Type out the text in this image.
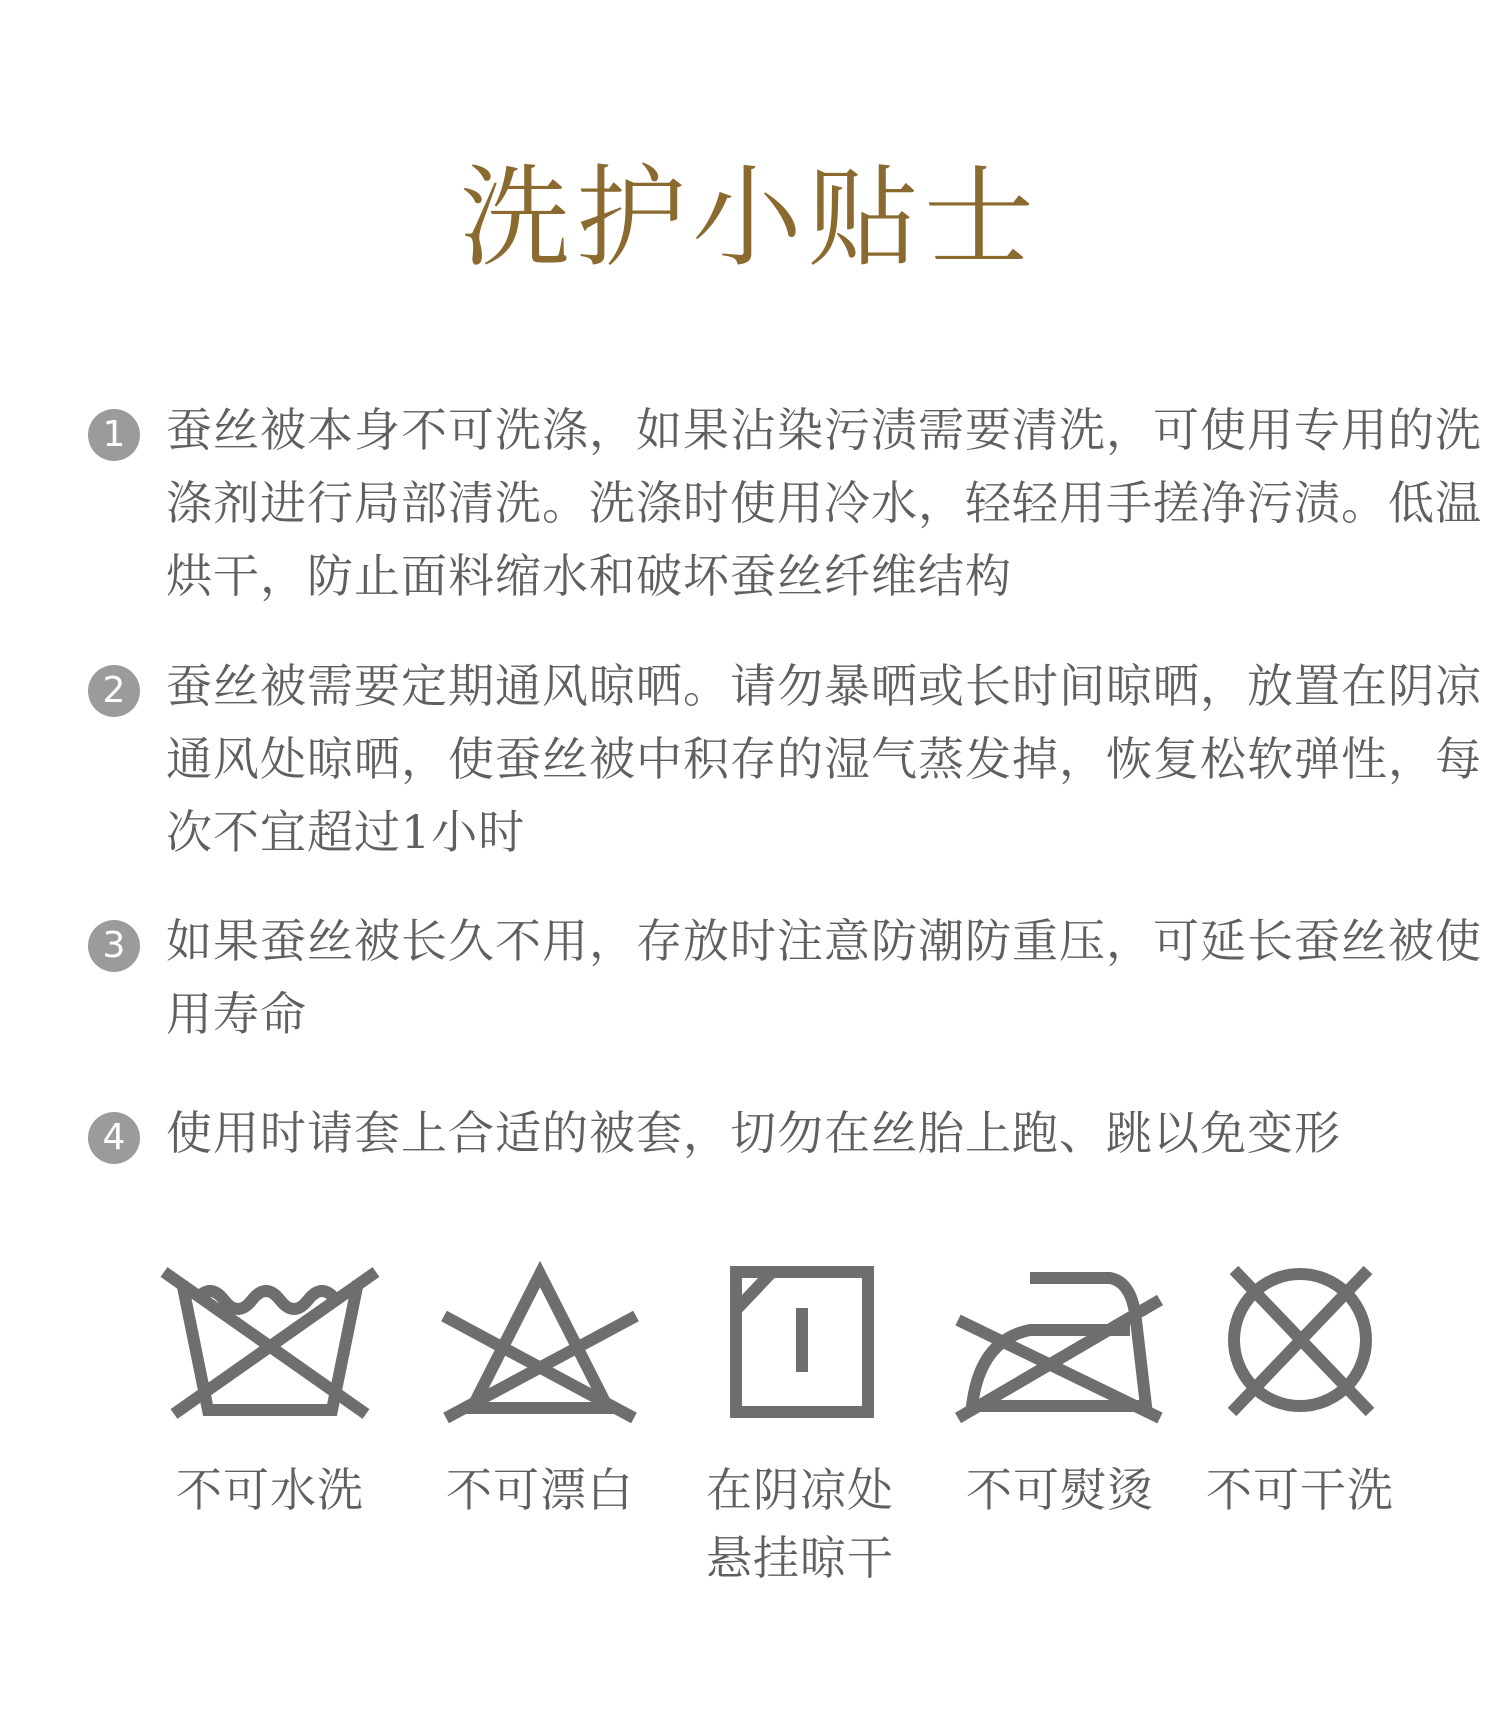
洗护小贴士
1 蚕丝被本身不可洗涤，如果沾染污渍需要清洗，可使用专用的洗涤剂进行局部清洗。洗涤时使用冷水，轻轻用手搓净污渍。低温烘干，防止面料缩水和破坏蚕丝纤维结构

2 蚕丝被需要定期通风晾晒。请勿暴晒或长时间晾晒，放置在阴凉通风处晾晒，使蚕丝被中积存的湿气蒸发掉，恢复松软弹性，每次不宜超过1小时

3 如果蚕丝被长久不用，存放时注意防潮防重压，可延长蚕丝被使用寿命

4 使用时请套上合适的被套，切勿在丝胎上跑、跳以免变形

不可水洗	不可漂白	在阴凉处
悬挂晾干
不可熨烫	不可干洗
